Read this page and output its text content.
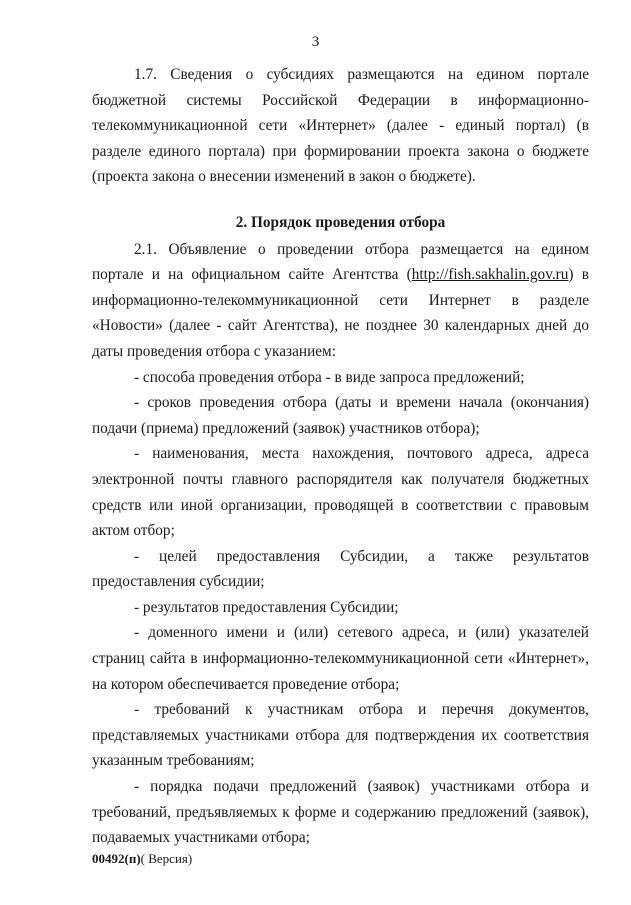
3

1.7. Сведения о субсидиях размещаются на едином портале бюджетной системы Российской Федерации в информационно-телекоммуникационной сети «Интернет» (далее - единый портал) (в разделе единого портала) при формировании проекта закона о бюджете (проекта закона о внесении изменений в закон о бюджете).

2. Порядок проведения отбора

2.1. Объявление о проведении отбора размещается на едином портале и на официальном сайте Агентства (http://fish.sakhalin.gov.ru) в информационно-телекоммуникационной сети Интернет в разделе «Новости» (далее - сайт Агентства), не позднее 30 календарных дней до даты проведения отбора с указанием:

- способа проведения отбора - в виде запроса предложений;

- сроков проведения отбора (даты и времени начала (окончания) подачи (приема) предложений (заявок) участников отбора);

- наименования, места нахождения, почтового адреса, адреса электронной почты главного распорядителя как получателя бюджетных средств или иной организации, проводящей в соответствии с правовым актом отбор;

- целей предоставления Субсидии, а также результатов предоставления субсидии;

- результатов предоставления Субсидии;

- доменного имени и (или) сетевого адреса, и (или) указателей страниц сайта в информационно-телекоммуникационной сети «Интернет», на котором обеспечивается проведение отбора;

- требований к участникам отбора и перечня документов, представляемых участниками отбора для подтверждения их соответствия указанным требованиям;

- порядка подачи предложений (заявок) участниками отбора и требований, предъявляемых к форме и содержанию предложений (заявок), подаваемых участниками отбора;

00492(п)( Версия)
